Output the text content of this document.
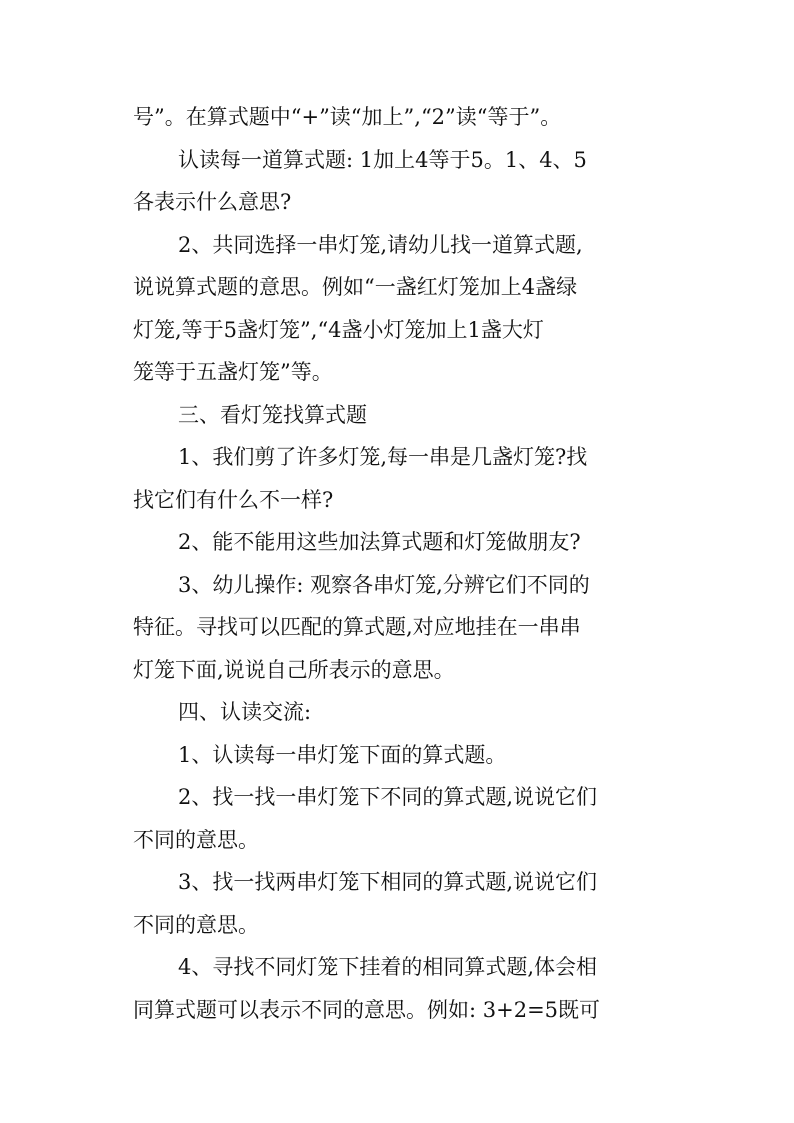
号”。在算式题中“+”读“加上”,“2”读“等于”。
认读每一道算式题: 1加上4等于5。1、4、5
各表示什么意思?
2、共同选择一串灯笼,请幼儿找一道算式题,
说说算式题的意思。例如“一盏红灯笼加上4盏绿
灯笼,等于5盏灯笼”,“4盏小灯笼加上1盏大灯
笼等于五盏灯笼”等。
三、看灯笼找算式题
1、我们剪了许多灯笼,每一串是几盏灯笼?找
找它们有什么不一样?
2、能不能用这些加法算式题和灯笼做朋友?
3、幼儿操作: 观察各串灯笼,分辨它们不同的
特征。寻找可以匹配的算式题,对应地挂在一串串
灯笼下面,说说自己所表示的意思。
四、认读交流:
1、认读每一串灯笼下面的算式题。
2、找一找一串灯笼下不同的算式题,说说它们
不同的意思。
3、找一找两串灯笼下相同的算式题,说说它们
不同的意思。
4、寻找不同灯笼下挂着的相同算式题,体会相
同算式题可以表示不同的意思。例如: 3+2=5既可
